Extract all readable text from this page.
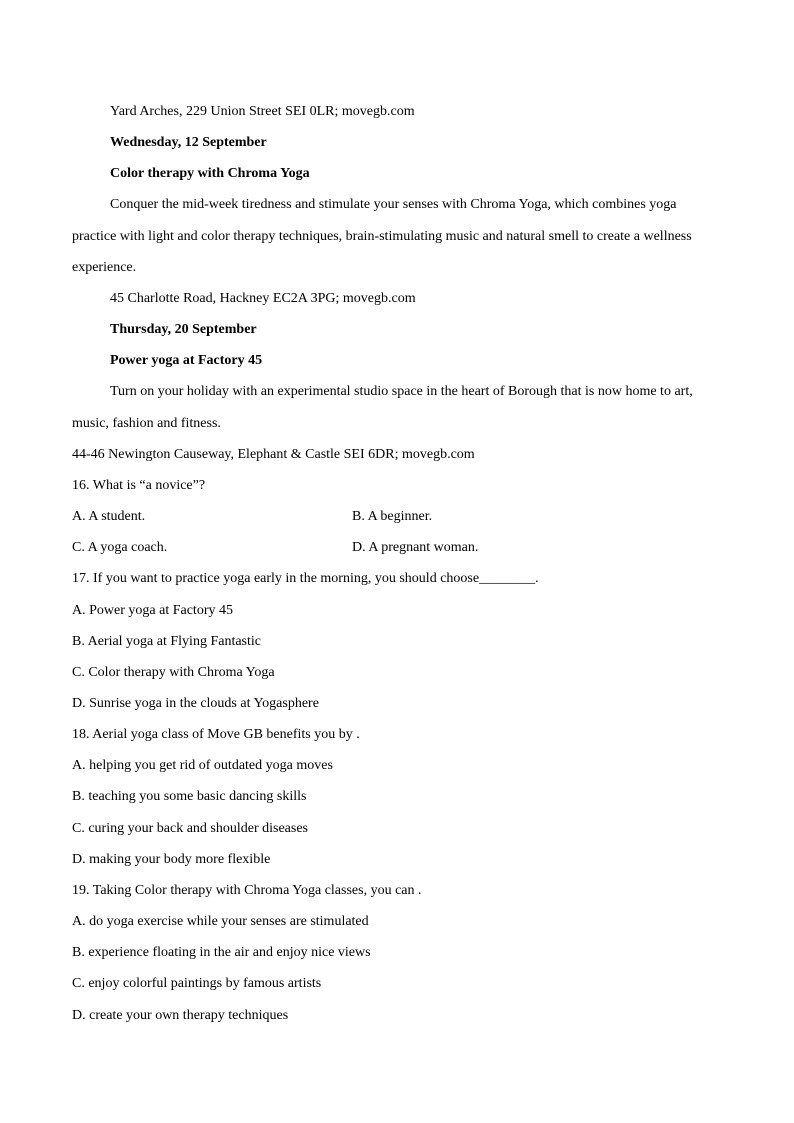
Yard Arches, 229 Union Street SEI 0LR; movegb.com
Wednesday, 12 September
Color therapy with Chroma Yoga
Conquer the mid-week tiredness and stimulate your senses with Chroma Yoga, which combines yoga
practice with light and color therapy techniques, brain-stimulating music and natural smell to create a wellness
experience.
45 Charlotte Road, Hackney EC2A 3PG; movegb.com
Thursday, 20 September
Power yoga at Factory 45
Turn on your holiday with an experimental studio space in the heart of Borough that is now home to art,
music, fashion and fitness.
44-46 Newington Causeway, Elephant & Castle SEI 6DR; movegb.com
16. What is “a novice”?
A. A student.	B. A beginner.
C. A yoga coach.	D. A pregnant woman.
17. If you want to practice yoga early in the morning, you should choose________.
A. Power yoga at Factory 45
B. Aerial yoga at Flying Fantastic
C. Color therapy with Chroma Yoga
D. Sunrise yoga in the clouds at Yogasphere
18. Aerial yoga class of Move GB benefits you by .
A. helping you get rid of outdated yoga moves
B. teaching you some basic dancing skills
C. curing your back and shoulder diseases
D. making your body more flexible
19. Taking Color therapy with Chroma Yoga classes, you can .
A. do yoga exercise while your senses are stimulated
B. experience floating in the air and enjoy nice views
C. enjoy colorful paintings by famous artists
D. create your own therapy techniques
